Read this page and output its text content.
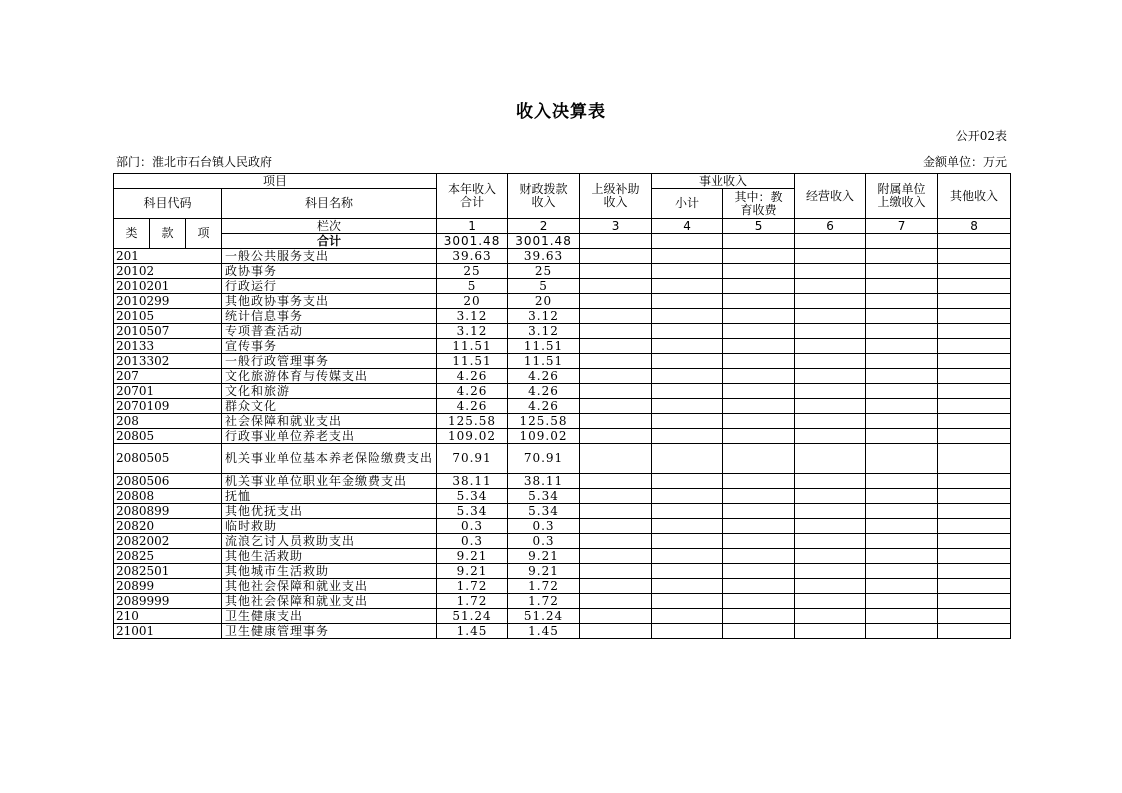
收入决算表
公开02表
部门：淮北市石台镇人民政府	金额单位：万元
项目				本年收入合计	财政拨款收入	上级补助收入	事业收入		经营收入	附属单位上缴收入	其他收入
科目代码			科目名称				小计	其中：教育收费			
类	款	项	栏次	1	2	3	4	5	6	7	8
			合计	3001.48	3001.48						
201			一般公共服务支出	39.63	39.63						
20102			政协事务	25	25						
2010201			行政运行	5	5						
2010299			其他政协事务支出	20	20						
20105			统计信息事务	3.12	3.12						
2010507			专项普查活动	3.12	3.12						
20133			宣传事务	11.51	11.51						
2013302			一般行政管理事务	11.51	11.51						
207			文化旅游体育与传媒支出	4.26	4.26						
20701			文化和旅游	4.26	4.26						
2070109			群众文化	4.26	4.26						
208			社会保障和就业支出	125.58	125.58						
20805			行政事业单位养老支出	109.02	109.02						
2080505			机关事业单位基本养老保险缴费支出	70.91	70.91						
2080506			机关事业单位职业年金缴费支出	38.11	38.11						
20808			抚恤	5.34	5.34						
2080899			其他优抚支出	5.34	5.34						
20820			临时救助	0.3	0.3						
2082002			流浪乞讨人员救助支出	0.3	0.3						
20825			其他生活救助	9.21	9.21						
2082501			其他城市生活救助	9.21	9.21						
20899			其他社会保障和就业支出	1.72	1.72						
2089999			其他社会保障和就业支出	1.72	1.72						
210			卫生健康支出	51.24	51.24						
21001			卫生健康管理事务	1.45	1.45						
